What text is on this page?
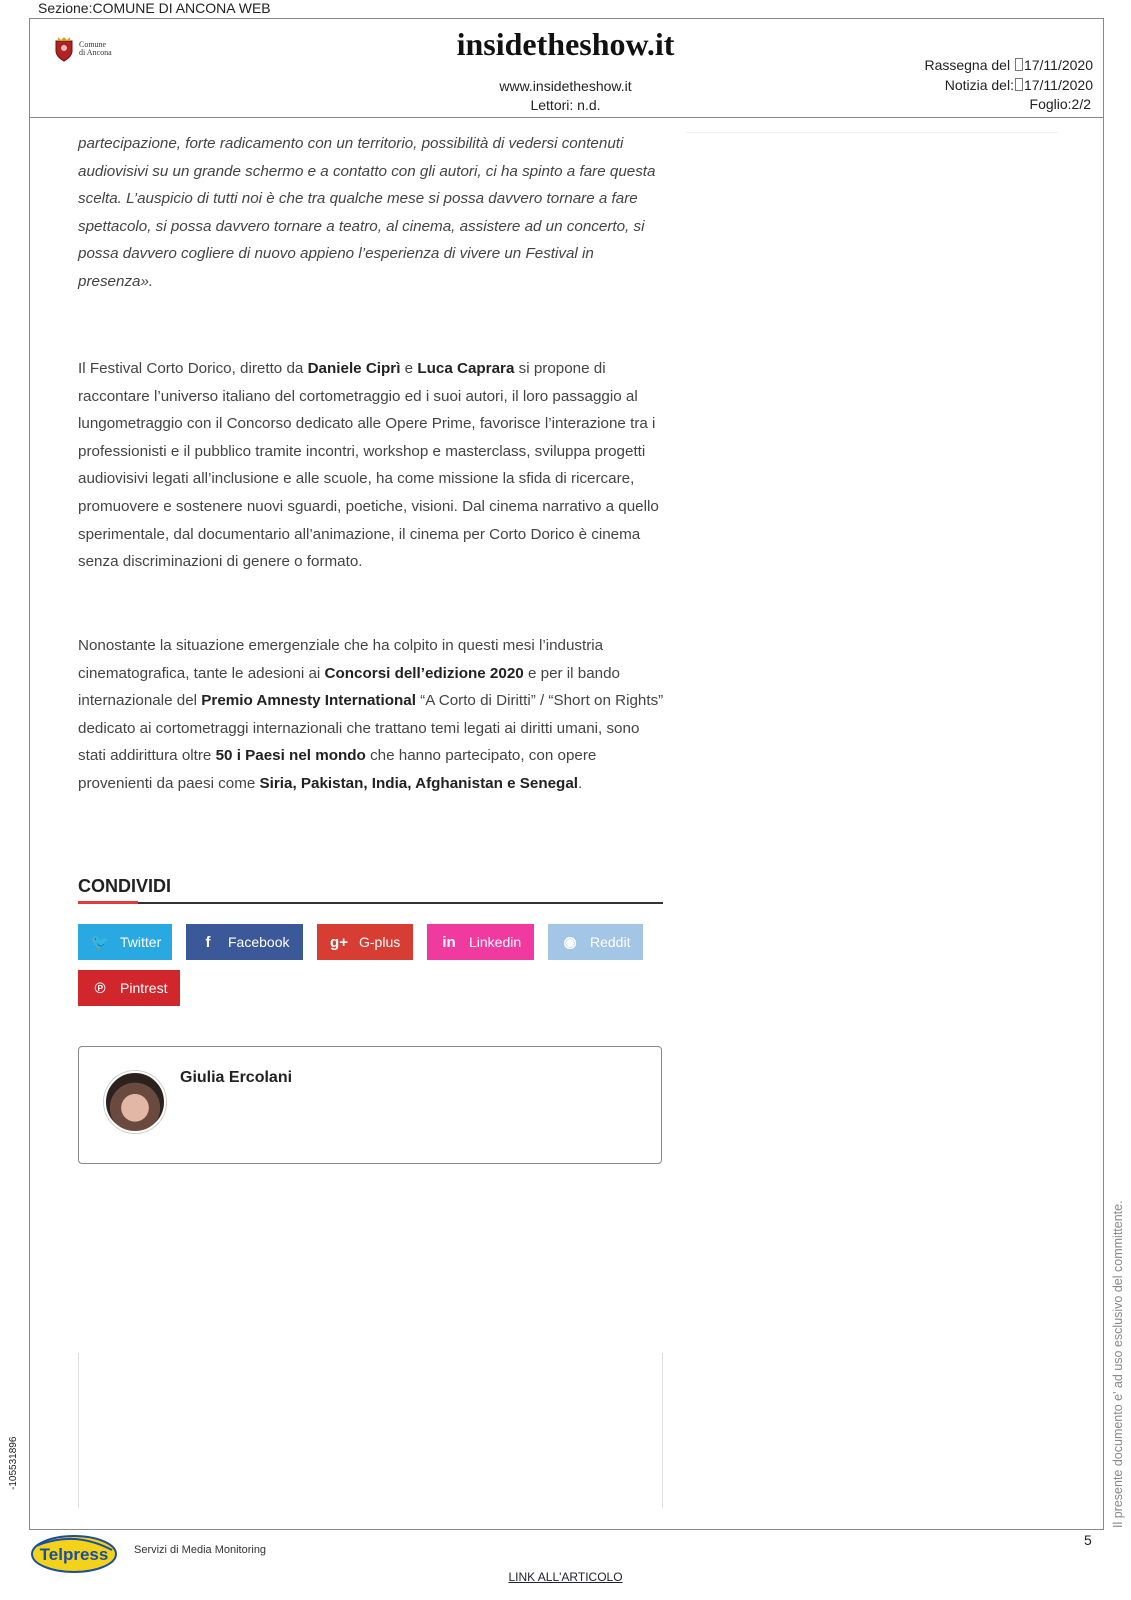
Sezione:COMUNE DI ANCONA WEB
Comune
di Ancona	insidetheshow.it
www.insidetheshow.it
Lettori: n.d.
Rassegna del 17/11/2020
Notizia del: 17/11/2020
Foglio:2/2
partecipazione, forte radicamento con un territorio, possibilità di vedersi contenuti audiovisivi su un grande schermo e a contatto con gli autori, ci ha spinto a fare questa scelta. L’auspicio di tutti noi è che tra qualche mese si possa davvero tornare a fare spettacolo, si possa davvero tornare a teatro, al cinema, assistere ad un concerto, si possa davvero cogliere di nuovo appieno l’esperienza di vivere un Festival in presenza».
Il Festival Corto Dorico, diretto da Daniele Ciprì e Luca Caprara si propone di raccontare l’universo italiano del cortometraggio ed i suoi autori, il loro passaggio al lungometraggio con il Concorso dedicato alle Opere Prime, favorisce l’interazione tra i professionisti e il pubblico tramite incontri, workshop e masterclass, sviluppa progetti audiovisivi legati all’inclusione e alle scuole, ha come missione la sfida di ricercare, promuovere e sostenere nuovi sguardi, poetiche, visioni. Dal cinema narrativo a quello sperimentale, dal documentario all’animazione, il cinema per Corto Dorico è cinema senza discriminazioni di genere o formato.
Nonostante la situazione emergenziale che ha colpito in questi mesi l’industria cinematografica, tante le adesioni ai Concorsi dell’edizione 2020 e per il bando internazionale del Premio Amnesty International “A Corto di Diritti” / “Short on Rights” dedicato ai cortometraggi internazionali che trattano temi legati ai diritti umani, sono stati addirittura oltre 50 i Paesi nel mondo che hanno partecipato, con opere provenienti da paesi come Siria, Pakistan, India, Afghanistan e Senegal.
CONDIVIDI
🐦 Twitter	f	Facebook	g+ G-plus	in Linkedin	◉ Reddit
℗	Pintrest
Giulia Ercolani
-105531896	Il presente documento e' ad uso esclusivo del committente.
Telpress Servizi di Media Monitoring
5
LINK ALL'ARTICOLO
